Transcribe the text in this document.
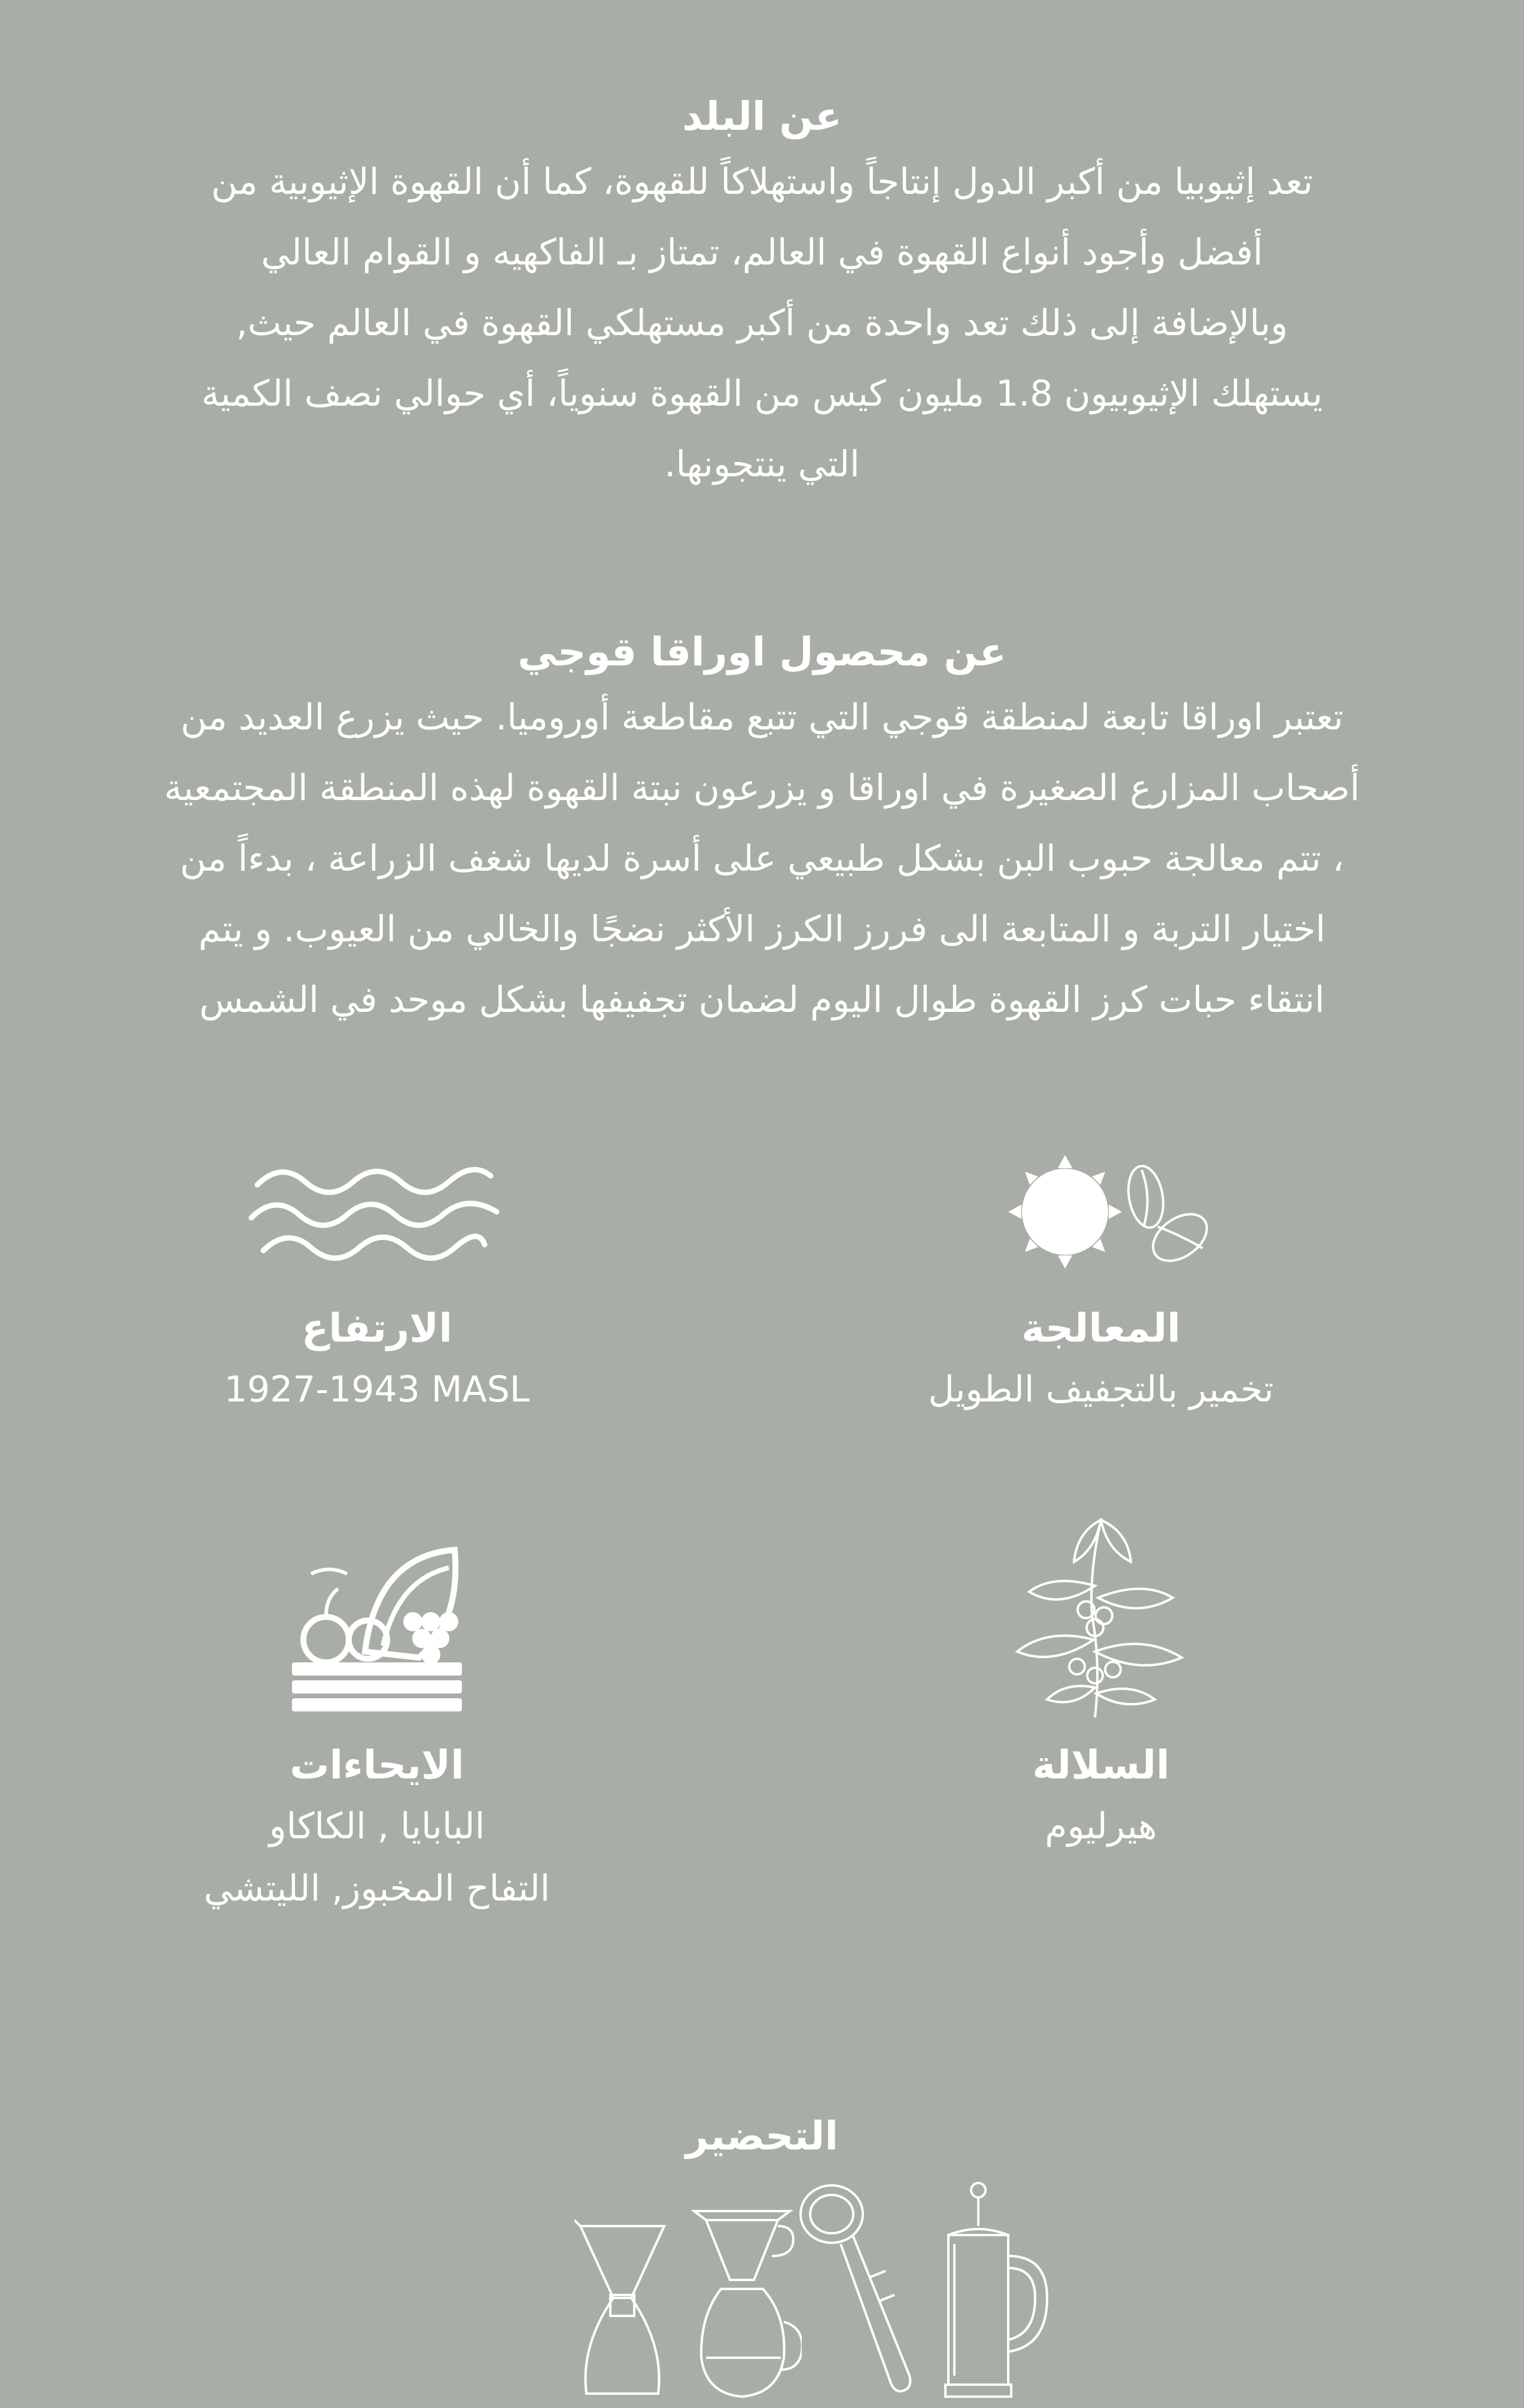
عن البلد

تعد إثيوبيا من أكبر الدول إنتاجاً واستهلاكاً للقهوة، كما أن القهوة الإثيوبية من
أفضل وأجود أنواع القهوة في العالم، تمتاز بـ الفاكهيه و القوام العالي
وبالإضافة إلى ذلك تعد واحدة من أكبر مستهلكي القهوة في العالم حيث,
يستهلك الإثيوبيون 1.8 مليون كيس من القهوة سنوياً، أي حوالي نصف الكمية
التي ينتجونها.

عن محصول اوراقا قوجي

تعتبر اوراقا تابعة لمنطقة قوجي التي تتبع مقاطعة أوروميا. حيث يزرع العديد من
أصحاب المزارع الصغيرة في اوراقا و يزرعون نبتة القهوة لهذه المنطقة المجتمعية
، تتم معالجة حبوب البن بشكل طبيعي على أسرة لديها شغف الزراعة ، بدءاً من
اختيار التربة و المتابعة الى فررز الكرز الأكثر نضجًا والخالي من العيوب. و يتم
انتقاء حبات كرز القهوة طوال اليوم لضمان تجفيفها بشكل موحد في الشمس

المعالجة
تخمير بالتجفيف الطويل
الارتفاع
1927-1943 MASL
السلالة
هيرليوم
الايحاءات
البابايا , الكاكاو
التفاح المخبوز, الليتشي
التحضير
